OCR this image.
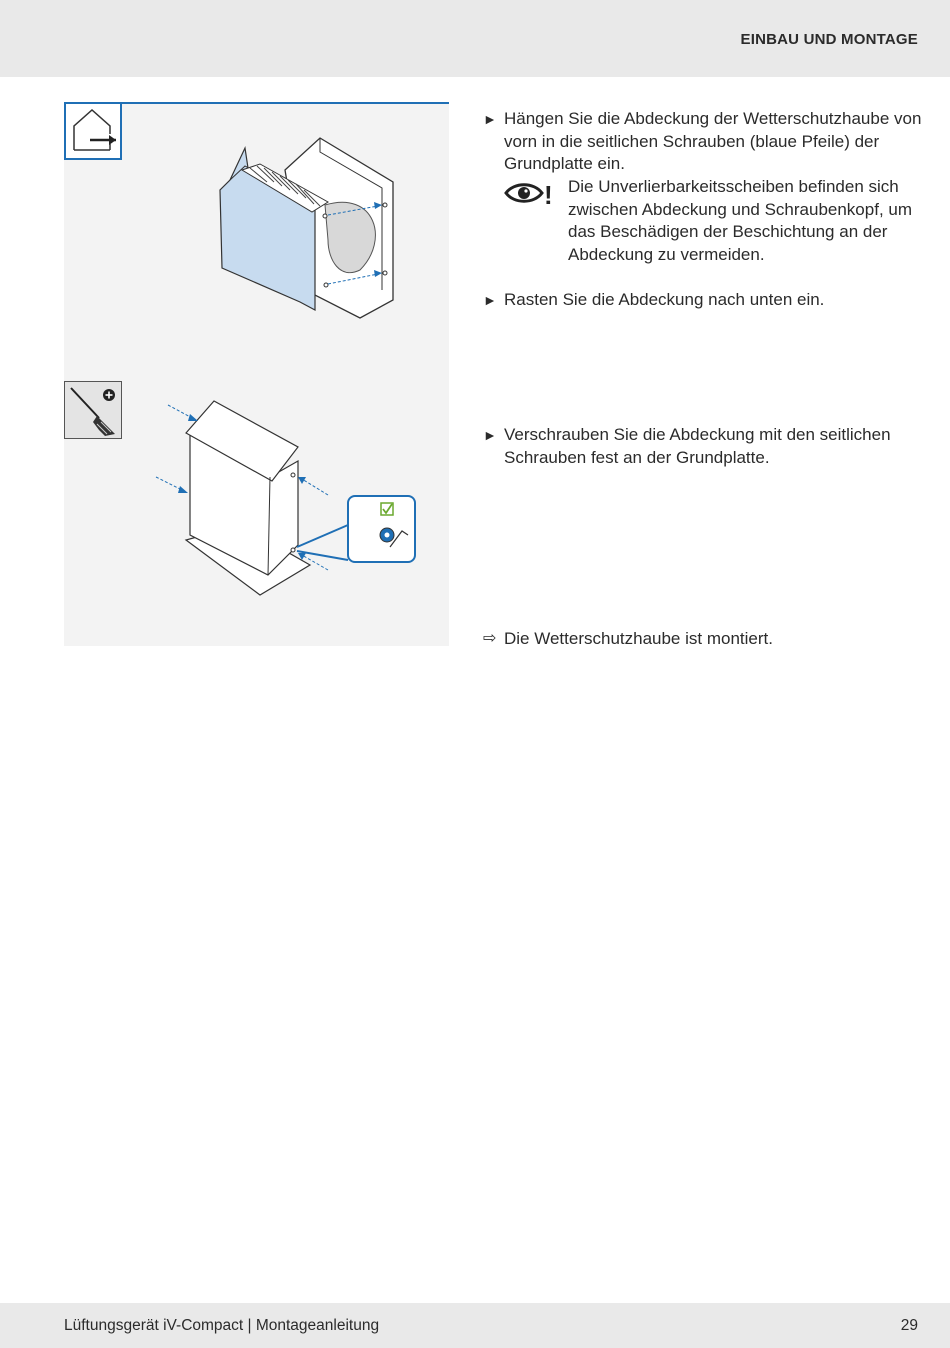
EINBAU UND MONTAGE
► Hängen Sie die Abdeckung der Wetterschutzhaube von vorn in die seitlichen Schrauben (blaue Pfeile) der Grundplatte ein.
! Die Unverlierbarkeitsscheiben befinden sich zwischen Abdeckung und Schraubenkopf, um das Beschädigen der Beschichtung an der Abdeckung zu vermeiden.
► Rasten Sie die Abdeckung nach unten ein.
► Verschrauben Sie die Abdeckung mit den seitlichen Schrauben fest an der Grundplatte.
⇨ Die Wetterschutzhaube ist montiert.
Lüftungsgerät iV-Compact | Montageanleitung	29
